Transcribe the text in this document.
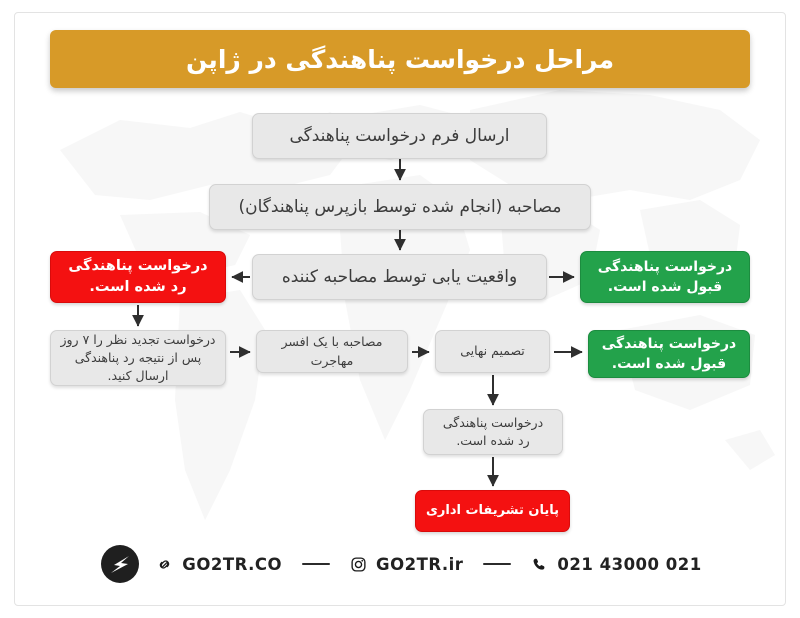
مراحل درخواست پناهندگی در ژاپن
ارسال فرم درخواست پناهندگی
مصاحبه (انجام شده توسط بازپرس پناهندگان)
واقعیت یابی توسط مصاحبه کننده
درخواست پناهندگی
رد شده است.
درخواست پناهندگی
قبول شده است.
درخواست تجدید نظر را ۷ روز
پس از نتیجه رد پناهندگی ارسال کنید.
مصاحبه با یک افسر مهاجرت
تصمیم نهایی	درخواست پناهندگی
قبول شده است.
درخواست پناهندگی
رد شده است.
پایان تشریفات اداری
GO2TR.CO	GO2TR.ir	021 43000 021
